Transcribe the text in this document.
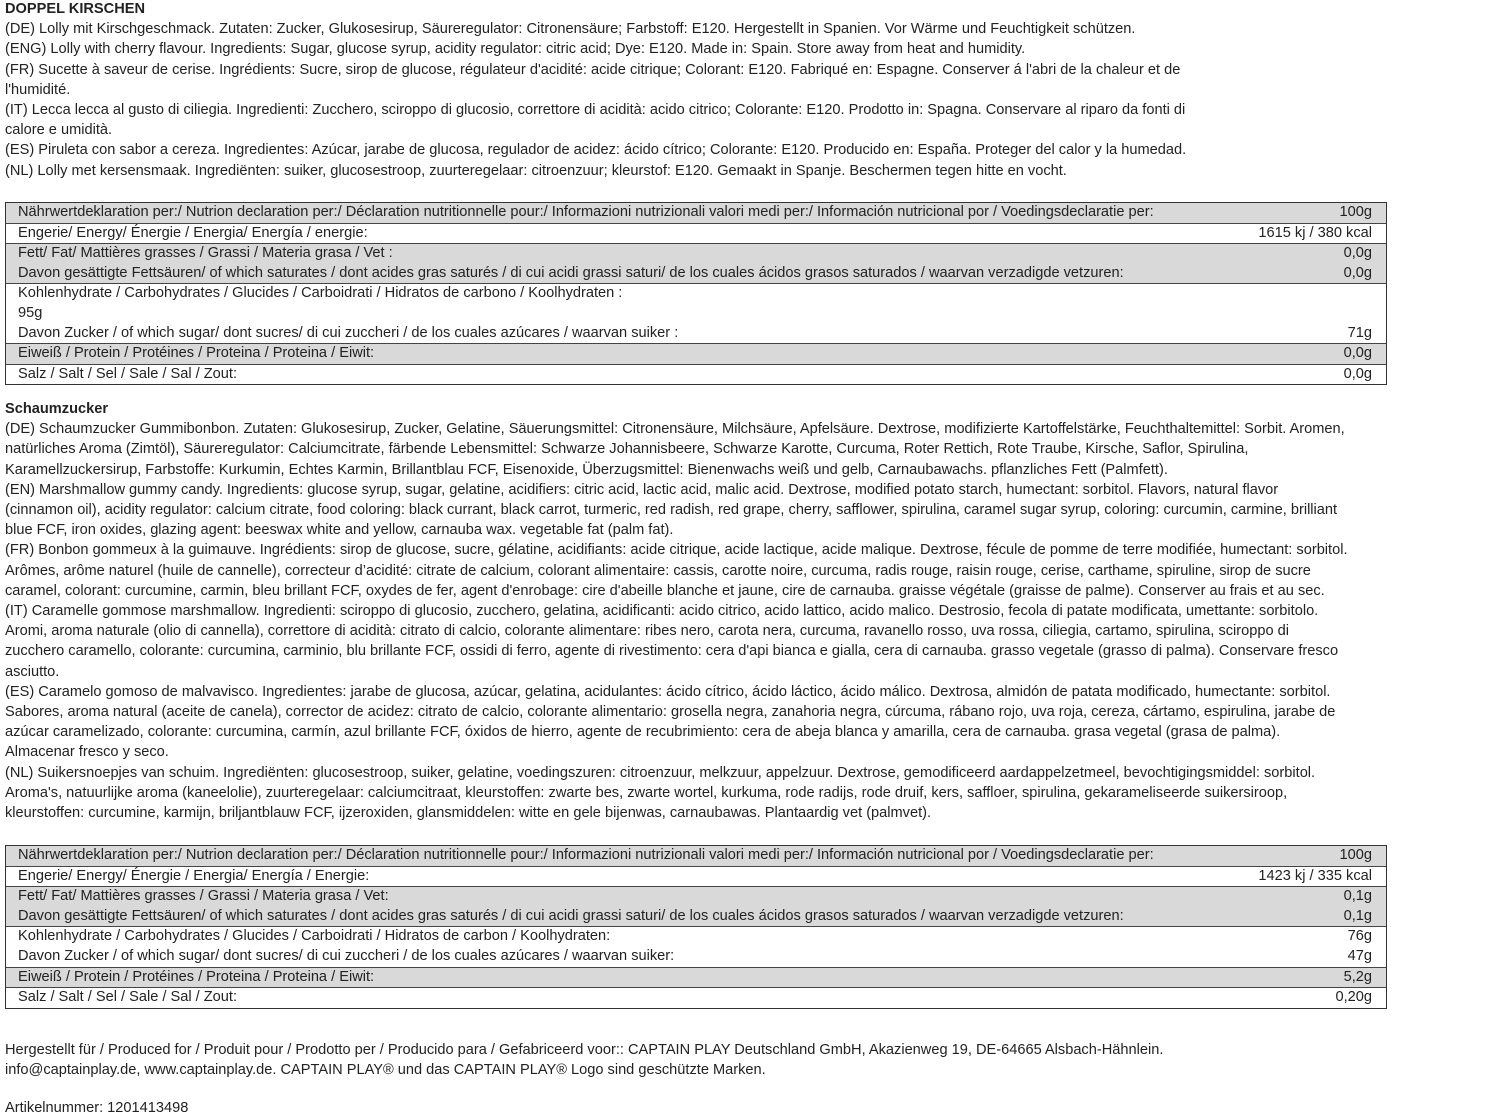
DOPPEL KIRSCHEN
(DE) Lolly mit Kirschgeschmack. Zutaten: Zucker, Glukosesirup, Säureregulator: Citronensäure; Farbstoff: E120. Hergestellt in Spanien. Vor Wärme und Feuchtigkeit schützen.
(ENG) Lolly with cherry flavour. Ingredients: Sugar, glucose syrup, acidity regulator: citric acid; Dye: E120. Made in: Spain. Store away from heat and humidity.
(FR) Sucette à saveur de cerise. Ingrédients: Sucre, sirop de glucose, régulateur d'acidité: acide citrique; Colorant: E120. Fabriqué en: Espagne. Conserver á l'abri de la chaleur et de
l'humidité.
(IT) Lecca lecca al gusto di ciliegia. Ingredienti: Zucchero, sciroppo di glucosio, correttore di acidità: acido citrico; Colorante: E120. Prodotto in: Spagna. Conservare al riparo da fonti di
calore e umidità.
(ES) Piruleta con sabor a cereza. Ingredientes: Azúcar, jarabe de glucosa, regulador de acidez: ácido cítrico; Colorante: E120. Producido en: España. Proteger del calor y la humedad.
(NL) Lolly met kersensmaak. Ingrediënten: suiker, glucosestroop, zuurteregelaar: citroenzuur; kleurstof: E120. Gemaakt in Spanje. Beschermen tegen hitte en vocht.
Nährwertdeklaration per:/ Nutrion declaration per:/ Déclaration nutritionnelle pour:/ Informazioni nutrizionali valori medi per:/ Información nutricional por / Voedingsdeclaratie per:	100g
Engerie/ Energy/ Énergie / Energia/ Energía / energie:	1615 kj / 380 kcal
Fett/ Fat/ Mattières grasses / Grassi / Materia grasa / Vet :	0,0g
Davon gesättigte Fettsäuren/ of which saturates / dont acides gras saturés / di cui acidi grassi saturi/ de los cuales ácidos grasos saturados / waarvan verzadigde vetzuren:	0,0g
Kohlenhydrate / Carbohydrates / Glucides / Carboidrati / Hidratos de carbono / Koolhydraten :
95g
Davon Zucker / of which sugar/ dont sucres/ di cui zuccheri / de los cuales azúcares / waarvan suiker :	71g
Eiweiß / Protein / Protéines / Proteina / Proteina / Eiwit:	0,0g
Salz / Salt / Sel / Sale / Sal / Zout:	0,0g
Schaumzucker
(DE) Schaumzucker Gummibonbon. Zutaten: Glukosesirup, Zucker, Gelatine, Säuerungsmittel: Citronensäure, Milchsäure, Apfelsäure. Dextrose, modifizierte Kartoffelstärke, Feuchthaltemittel: Sorbit. Aromen,
natürliches Aroma (Zimtöl), Säureregulator: Calciumcitrate, färbende Lebensmittel: Schwarze Johannisbeere, Schwarze Karotte, Curcuma, Roter Rettich, Rote Traube, Kirsche, Saflor, Spirulina,
Karamellzuckersirup, Farbstoffe: Kurkumin, Echtes Karmin, Brillantblau FCF, Eisenoxide, Überzugsmittel: Bienenwachs weiß und gelb, Carnaubawachs. pflanzliches Fett (Palmfett).
(EN) Marshmallow gummy candy. Ingredients: glucose syrup, sugar, gelatine, acidifiers: citric acid, lactic acid, malic acid. Dextrose, modified potato starch, humectant: sorbitol. Flavors, natural flavor
(cinnamon oil), acidity regulator: calcium citrate, food coloring: black currant, black carrot, turmeric, red radish, red grape, cherry, safflower, spirulina, caramel sugar syrup, coloring: curcumin, carmine, brilliant
blue FCF, iron oxides, glazing agent: beeswax white and yellow, carnauba wax. vegetable fat (palm fat).
(FR) Bonbon gommeux à la guimauve. Ingrédients: sirop de glucose, sucre, gélatine, acidifiants: acide citrique, acide lactique, acide malique. Dextrose, fécule de pomme de terre modifiée, humectant: sorbitol.
Arômes, arôme naturel (huile de cannelle), correcteur d’acidité: citrate de calcium, colorant alimentaire: cassis, carotte noire, curcuma, radis rouge, raisin rouge, cerise, carthame, spiruline, sirop de sucre
caramel, colorant: curcumine, carmin, bleu brillant FCF, oxydes de fer, agent d'enrobage: cire d'abeille blanche et jaune, cire de carnauba. graisse végétale (graisse de palme). Conserver au frais et au sec.
(IT) Caramelle gommose marshmallow. Ingredienti: sciroppo di glucosio, zucchero, gelatina, acidificanti: acido citrico, acido lattico, acido malico. Destrosio, fecola di patate modificata, umettante: sorbitolo.
Aromi, aroma naturale (olio di cannella), correttore di acidità: citrato di calcio, colorante alimentare: ribes nero, carota nera, curcuma, ravanello rosso, uva rossa, ciliegia, cartamo, spirulina, sciroppo di
zucchero caramello, colorante: curcumina, carminio, blu brillante FCF, ossidi di ferro, agente di rivestimento: cera d'api bianca e gialla, cera di carnauba. grasso vegetale (grasso di palma). Conservare fresco
asciutto.
(ES) Caramelo gomoso de malvavisco. Ingredientes: jarabe de glucosa, azúcar, gelatina, acidulantes: ácido cítrico, ácido láctico, ácido málico. Dextrosa, almidón de patata modificado, humectante: sorbitol.
Sabores, aroma natural (aceite de canela), corrector de acidez: citrato de calcio, colorante alimentario: grosella negra, zanahoria negra, cúrcuma, rábano rojo, uva roja, cereza, cártamo, espirulina, jarabe de
azúcar caramelizado, colorante: curcumina, carmín, azul brillante FCF, óxidos de hierro, agente de recubrimiento: cera de abeja blanca y amarilla, cera de carnauba. grasa vegetal (grasa de palma).
Almacenar fresco y seco.
(NL) Suikersnoepjes van schuim. Ingrediënten: glucosestroop, suiker, gelatine, voedingszuren: citroenzuur, melkzuur, appelzuur. Dextrose, gemodificeerd aardappelzetmeel, bevochtigingsmiddel: sorbitol.
Aroma's, natuurlijke aroma (kaneelolie), zuurteregelaar: calciumcitraat, kleurstoffen: zwarte bes, zwarte wortel, kurkuma, rode radijs, rode druif, kers, saffloer, spirulina, gekarameliseerde suikersiroop,
kleurstoffen: curcumine, karmijn, briljantblauw FCF, ijzeroxiden, glansmiddelen: witte en gele bijenwas, carnaubawas. Plantaardig vet (palmvet).
Nährwertdeklaration per:/ Nutrion declaration per:/ Déclaration nutritionnelle pour:/ Informazioni nutrizionali valori medi per:/ Información nutricional por / Voedingsdeclaratie per:	100g
Engerie/ Energy/ Énergie / Energia/ Energía / Energie:	1423 kj / 335 kcal
Fett/ Fat/ Mattières grasses / Grassi / Materia grasa / Vet:	0,1g
Davon gesättigte Fettsäuren/ of which saturates / dont acides gras saturés / di cui acidi grassi saturi/ de los cuales ácidos grasos saturados / waarvan verzadigde vetzuren:	0,1g
Kohlenhydrate / Carbohydrates / Glucides / Carboidrati / Hidratos de carbon / Koolhydraten:	76g
Davon Zucker / of which sugar/ dont sucres/ di cui zuccheri / de los cuales azúcares / waarvan suiker:	47g
Eiweiß / Protein / Protéines / Proteina / Proteina / Eiwit:	5,2g
Salz / Salt / Sel / Sale / Sal / Zout:	0,20g
Hergestellt für / Produced for / Produit pour / Prodotto per / Producido para / Gefabriceerd voor:: CAPTAIN PLAY Deutschland GmbH, Akazienweg 19, DE-64665 Alsbach-Hähnlein.
info@captainplay.de, www.captainplay.de. CAPTAIN PLAY® und das CAPTAIN PLAY® Logo sind geschützte Marken.
Artikelnummer: 1201413498
